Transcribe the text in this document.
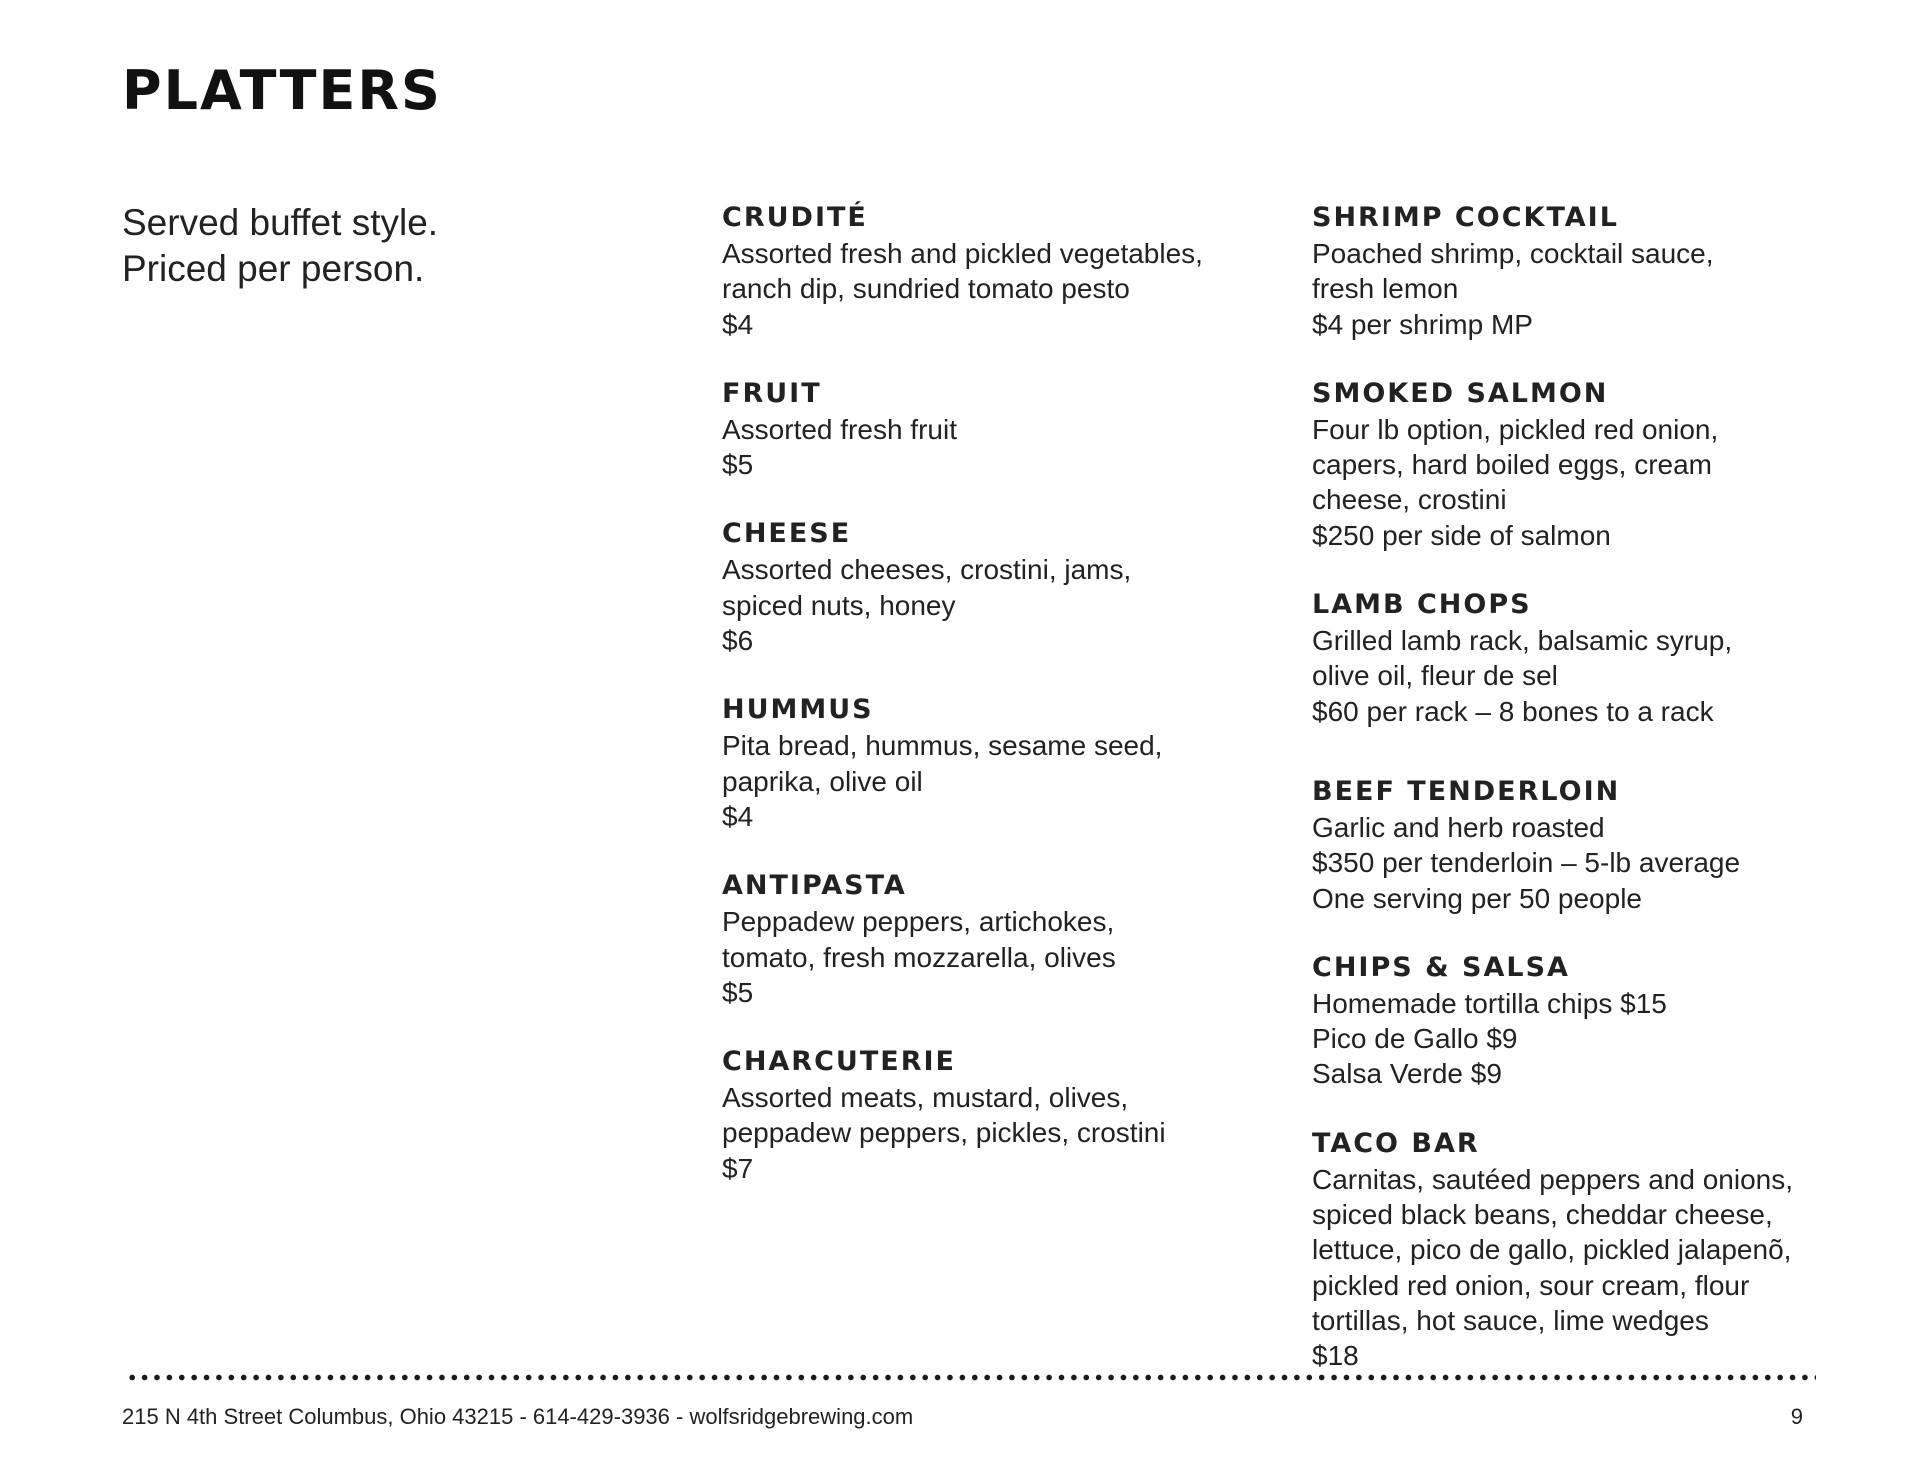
PLATTERS
Served buffet style.
Priced per person.
CRUDITÉ
Assorted fresh and pickled vegetables,
ranch dip, sundried tomato pesto
$4
FRUIT
Assorted fresh fruit
$5
CHEESE
Assorted cheeses, crostini, jams,
spiced nuts, honey
$6
HUMMUS
Pita bread, hummus, sesame seed,
paprika, olive oil
$4
ANTIPASTA
Peppadew peppers, artichokes,
tomato, fresh mozzarella, olives
$5
CHARCUTERIE
Assorted meats, mustard, olives,
peppadew peppers, pickles, crostini
$7
SHRIMP COCKTAIL
Poached shrimp, cocktail sauce,
fresh lemon
$4 per shrimp MP
SMOKED SALMON
Four lb option, pickled red onion,
capers, hard boiled eggs, cream
cheese, crostini
$250 per side of salmon
LAMB CHOPS
Grilled lamb rack, balsamic syrup,
olive oil, fleur de sel
$60 per rack – 8 bones to a rack
BEEF TENDERLOIN
Garlic and herb roasted
$350 per tenderloin – 5-lb average
One serving per 50 people
CHIPS & SALSA
Homemade tortilla chips $15
Pico de Gallo $9
Salsa Verde $9
TACO BAR
Carnitas, sautéed peppers and onions,
spiced black beans, cheddar cheese,
lettuce, pico de gallo, pickled jalapenõ,
pickled red onion, sour cream, flour
tortillas, hot sauce, lime wedges
$18
215 N 4th Street Columbus, Ohio 43215 - 614-429-3936 - wolfsridgebrewing.com	9
